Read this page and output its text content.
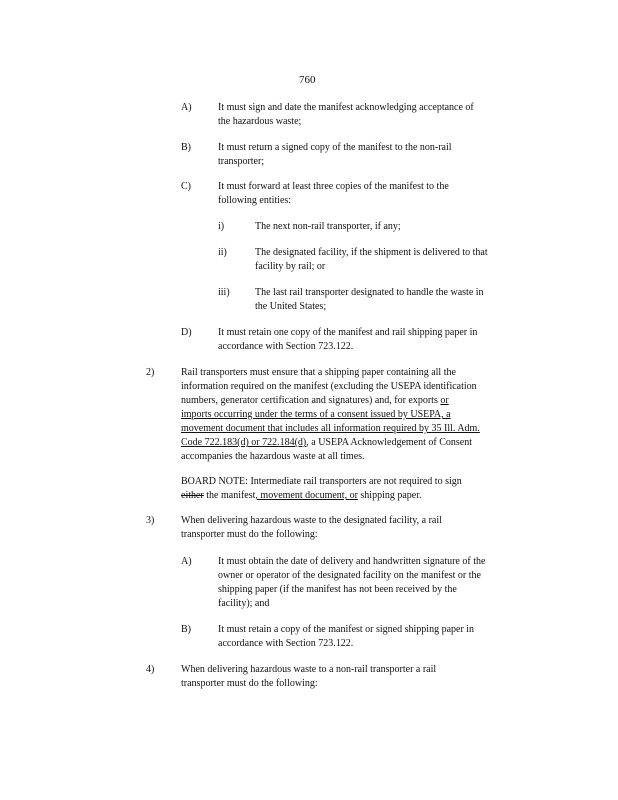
760
A)	It must sign and date the manifest acknowledging acceptance of
the hazardous waste;
B)	It must return a signed copy of the manifest to the non-rail
transporter;
C)	It must forward at least three copies of the manifest to the
following entities:
i)	The next non-rail transporter, if any;
ii)	The designated facility, if the shipment is delivered to that
facility by rail; or
iii)	The last rail transporter designated to handle the waste in
the United States;
D)	It must retain one copy of the manifest and rail shipping paper in
accordance with Section 723.122.
2)	Rail transporters must ensure that a shipping paper containing all the
information required on the manifest (excluding the USEPA identification
numbers, generator certification and signatures) and, for exports or
imports occurring under the terms of a consent issued by USEPA, a
movement document that includes all information required by 35 Ill. Adm.
Code 722.183(d) or 722.184(d), a USEPA Acknowledgement of Consent
accompanies the hazardous waste at all times.
BOARD NOTE: Intermediate rail transporters are not required to sign
either the manifest, movement document, or shipping paper.
3)	When delivering hazardous waste to the designated facility, a rail
transporter must do the following:
A)	It must obtain the date of delivery and handwritten signature of the
owner or operator of the designated facility on the manifest or the
shipping paper (if the manifest has not been received by the
facility); and
B)	It must retain a copy of the manifest or signed shipping paper in
accordance with Section 723.122.
4)	When delivering hazardous waste to a non-rail transporter a rail
transporter must do the following:
